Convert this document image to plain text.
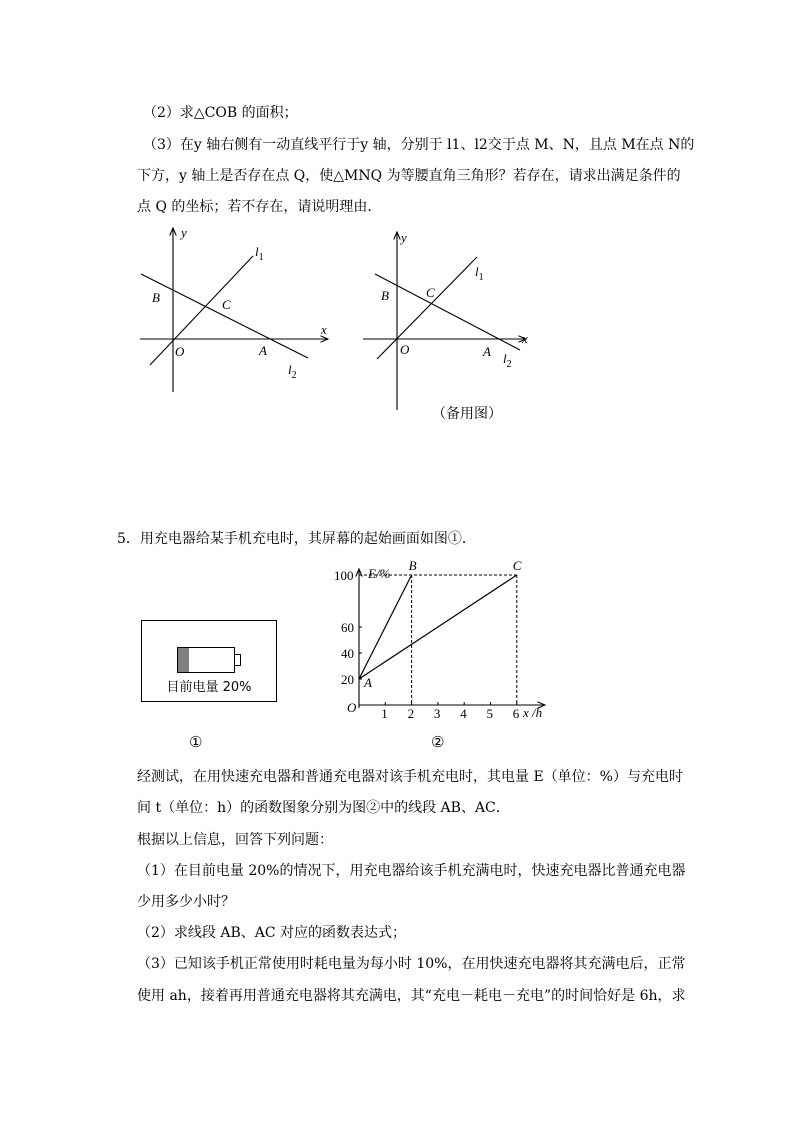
（2）求△COB 的面积；
（3）在y 轴右侧有一动直线平行于y 轴，分别于 l1、l2交于点 M、N，且点 M在点 N的
下方，y 轴上是否存在点 Q，使△MNQ 为等腰直角三角形？若存在，请求出满足条件的
点 Q 的坐标；若不存在，请说明理由．
y
x
$l_1$
$l_2$
B	C
O	A
y
x
$l_1$
$l_2$
B	C
O	A
（备用图）
5．用充电器给某手机充电时，其屏幕的起始画面如图①．
目前电量 20%
①
1 2 3 4 5 6
20
40
60
100
A
B	C
E/%
x /h
O
②
经测试，在用快速充电器和普通充电器对该手机充电时，其电量 E（单位：%）与充电时
间 t（单位：h）的函数图象分别为图②中的线段 AB、AC．
根据以上信息，回答下列问题：
（1）在目前电量 20%的情况下，用充电器给该手机充满电时，快速充电器比普通充电器
少用多少小时？
（2）求线段 AB、AC 对应的函数表达式；
（3）已知该手机正常使用时耗电量为每小时 10%，在用快速充电器将其充满电后，正常
使用 ah，接着再用普通充电器将其充满电，其“充电－耗电－充电”的时间恰好是 6h，求
